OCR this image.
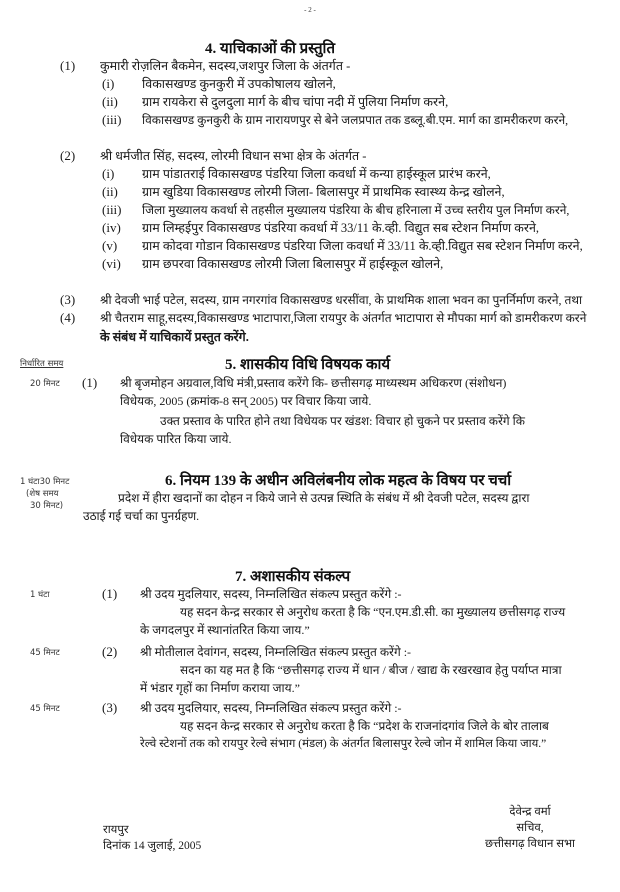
- 2 -
4. याचिकाओं की प्रस्तुति
(1) कुमारी रोज़लिन बैकमेन, सदस्य,जशपुर जिला के अंतर्गत -
(i) विकासखण्ड कुनकुरी में उपकोषालय खोलने,
(ii) ग्राम रायकेरा से दुलदुला मार्ग के बीच चांपा नदी में पुलिया निर्माण करने,
(iii) विकासखण्ड कुनकुरी के ग्राम नारायणपुर से बेने जलप्रपात तक डब्लू.बी.एम. मार्ग का डामरीकरण करने,
(2) श्री धर्मजीत सिंह, सदस्य, लोरमी विधान सभा क्षेत्र के अंतर्गत -
(i) ग्राम पांडातराई विकासखण्ड पंडरिया जिला कवर्धा में कन्या हाईस्कूल प्रारंभ करने,
(ii) ग्राम खुडिया विकासखण्ड लोरमी जिला- बिलासपुर में प्राथमिक स्वास्थ्य केन्द्र खोलने,
(iii) जिला मुख्यालय कवर्धा से तहसील मुख्यालय पंडरिया के बीच हरिनाला में उच्च स्तरीय पुल निर्माण करने,
(iv) ग्राम लिम्हईपुर विकासखण्ड पंडरिया कवर्धा में 33/11 के.व्ही. विद्युत सब स्टेशन निर्माण करने,
(v) ग्राम कोदवा गोडान विकासखण्ड पंडरिया जिला कवर्धा में 33/11 के.व्ही.विद्युत सब स्टेशन निर्माण करने,
(vi) ग्राम छपरवा विकासखण्ड लोरमी जिला बिलासपुर में हाईस्कूल खोलने,
(3) श्री देवजी भाई पटेल, सदस्य, ग्राम नगरगांव विकासखण्ड धरसींवा, के प्राथमिक शाला भवन का पुनर्निर्माण करने, तथा
(4) श्री चैतराम साहू,सदस्य,विकासखण्ड भाटापारा,जिला रायपुर के अंतर्गत भाटापारा से मौपका मार्ग को डामरीकरण करने
के संबंध में याचिकायें प्रस्तुत करेंगे.
निर्धारित समय	5. शासकीय विधि विषयक कार्य
20 मिनट (1) श्री बृजमोहन अग्रवाल,विधि मंत्री,प्रस्ताव करेंगे कि- छत्तीसगढ़ माध्यस्थम अधिकरण (संशोधन)
विधेयक, 2005 (क्रमांक-8 सन् 2005) पर विचार किया जाये.
उक्त प्रस्ताव के पारित होने तथा विधेयक पर खंडश: विचार हो चुकने पर प्रस्ताव करेंगे कि
विधेयक पारित किया जाये.
1 घंटा30 मिनट
(शेष समय
30 मिनट)
6. नियम 139 के अधीन अविलंबनीय लोक महत्व के विषय पर चर्चा
प्रदेश में हीरा खदानों का दोहन न किये जाने से उत्पन्न स्थिति के संबंध में श्री देवजी पटेल, सदस्य द्वारा
उठाई गई चर्चा का पुनर्ग्रहण.
7. अशासकीय संकल्प
1 घंटा	(1) श्री उदय मुदलियार, सदस्य, निम्नलिखित संकल्प प्रस्तुत करेंगे :-
यह सदन केन्द्र सरकार से अनुरोध करता है कि “एन.एम.डी.सी. का मुख्यालय छत्तीसगढ़ राज्य
के जगदलपुर में स्थानांतरित किया जाय.”
45 मिनट	(2) श्री मोतीलाल देवांगन, सदस्य, निम्नलिखित संकल्प प्रस्तुत करेंगे :-
सदन का यह मत है कि “छत्तीसगढ़ राज्य में धान / बीज / खाद्य के रखरखाव हेतु पर्याप्त मात्रा
में भंडार गृहों का निर्माण कराया जाय.”
45 मिनट	(3) श्री उदय मुदलियार, सदस्य, निम्नलिखित संकल्प प्रस्तुत करेंगे :-
यह सदन केन्द्र सरकार से अनुरोध करता है कि “प्रदेश के राजनांदगांव जिले के बोर तालाब
रेल्वे स्टेशनों तक को रायपुर रेल्वे संभाग (मंडल) के अंतर्गत बिलासपुर रेल्वे जोन में शामिल किया जाय.”
रायपुर
दिनांक 14 जुलाई, 2005
देवेन्द्र वर्मा
सचिव,
छत्तीसगढ़ विधान सभा
